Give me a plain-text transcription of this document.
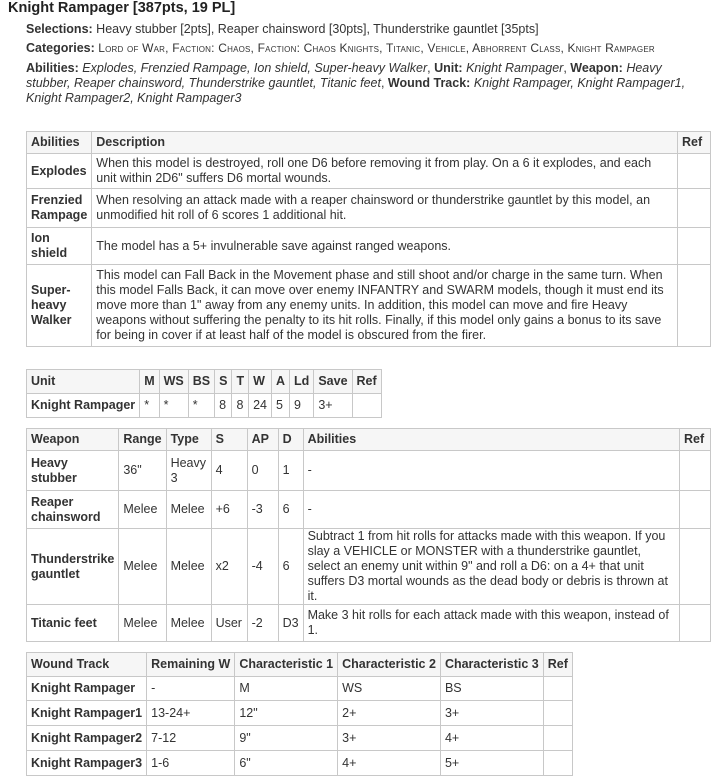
Knight Rampager [387pts, 19 PL]
Selections: Heavy stubber [2pts], Reaper chainsword [30pts], Thunderstrike gauntlet [35pts]
Categories: Lord of War, Faction: Chaos, Faction: Chaos Knights, Titanic, Vehicle, Abhorrent Class, Knight Rampager
Abilities: Explodes, Frenzied Rampage, Ion shield, Super-heavy Walker, Unit: Knight Rampager, Weapon: Heavy stubber, Reaper chainsword, Thunderstrike gauntlet, Titanic feet, Wound Track: Knight Rampager, Knight Rampager1, Knight Rampager2, Knight Rampager3
Abilities	Description	Ref
Explodes	When this model is destroyed, roll one D6 before removing it from play. On a 6 it explodes, and each unit within 2D6" suffers D6 mortal wounds.	
Frenzied Rampage	When resolving an attack made with a reaper chainsword or thunderstrike gauntlet by this model, an unmodified hit roll of 6 scores 1 additional hit.	
Ion shield	The model has a 5+ invulnerable save against ranged weapons.	
Super-heavy Walker	This model can Fall Back in the Movement phase and still shoot and/or charge in the same turn. When this model Falls Back, it can move over enemy INFANTRY and SWARM models, though it must end its move more than 1" away from any enemy units. In addition, this model can move and fire Heavy weapons without suffering the penalty to its hit rolls. Finally, if this model only gains a bonus to its save for being in cover if at least half of the model is obscured from the firer.	
Unit	M	WS	BS	S	T	W	A	Ld	Save	Ref
Knight Rampager	*	*	*	8	8	24	5	9	3+	
Weapon	Range	Type	S	AP	D	Abilities	Ref
Heavy stubber	36"	Heavy 3	4	0	1	-	
Reaper chainsword	Melee	Melee	+6	-3	6	-	
Thunderstrike gauntlet	Melee	Melee	x2	-4	6	Subtract 1 from hit rolls for attacks made with this weapon. If you slay a VEHICLE or MONSTER with a thunderstrike gauntlet, select an enemy unit within 9" and roll a D6: on a 4+ that unit suffers D3 mortal wounds as the dead body or debris is thrown at it.	
Titanic feet	Melee	Melee	User	-2	D3	Make 3 hit rolls for each attack made with this weapon, instead of 1.	
Wound Track	Remaining W	Characteristic 1	Characteristic 2	Characteristic 3	Ref
Knight Rampager	-	M	WS	BS	
Knight Rampager1	13-24+	12"	2+	3+	
Knight Rampager2	7-12	9"	3+	4+	
Knight Rampager3	1-6	6"	4+	5+	
